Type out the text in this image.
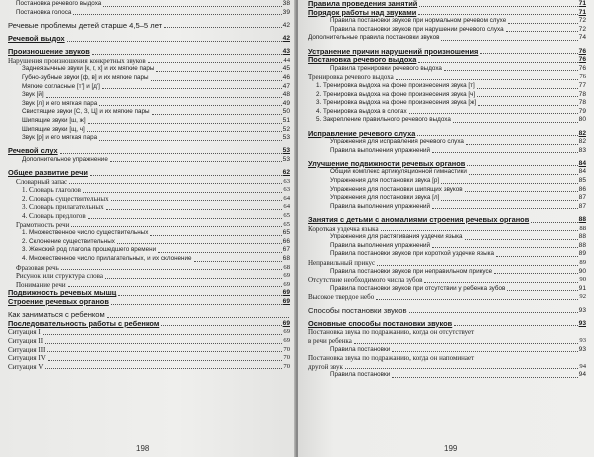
Постановка речевого выдоха	38
Постановка голоса	39
Речевые проблемы детей старше 4,5–5 лет	42
Речевой выдох	42
Произношение звуков	43
Нарушения произношения конкретных звуков	44
Заднеязычные звуки [к, г, х] и их мягкие пары	45
Губно-зубные звуки [ф, в] и их мягкие пары	46
Мягкие согласные [т'] и [д']	47
Звук [й]	48
Звук [л] и его мягкая пара	49
Свистящие звуки [С, З, Ц] и их мягкие пары	50
Шипящие звуки [ш, ж]	51
Шипящие звуки [щ, ч]	52
Звук [р] и его мягкая пара	53
Речевой слух	53
Дополнительное упражнение	53
Общее развитие речи	62
Словарный запас	63
1. Словарь глаголов	63
2. Словарь существительных	64
3. Словарь прилагательных	64
4. Словарь предлогов	65
Грамотность речи	65
1. Множественное число существительных	65
2. Склонение существительных	66
3. Женский род глагола прошедшего времени	67
4. Множественное число прилагательных, и их склонение	68
Фразовая речь	68
Рисунок или структура слова	69
Понимание речи	69
Подвижность речевых мышц	69
Строение речевых органов	69
Как заниматься с ребенком
Последовательность работы с ребенком	69
Ситуация I	69
Ситуация II	69
Ситуация III	70
Ситуация IV	70
Ситуация V	70
198
Правила проведения занятий	71
Порядок работы над звуками	71
Правила постановки звуков при нормальном речевом слухе	72
Правила постановки звуков при нарушении речевого слуха	72
Дополнительные правила постановки звуков	74
Устранение причин нарушений произношения	76
Постановка речевого выдоха	76
Правила тренировки речевого выдоха	76
Тренировка речевого выдоха	76
1. Тренировка выдоха на фоне произнесения звука [т]	77
2. Тренировка выдоха на фоне произнесения звука [ч]	78
3. Тренировка выдоха на фоне произнесения звука [ж]	78
4. Тренировка выдоха в слогах	79
5. Закрепление правильного речевого выдоха	80
Исправление речевого слуха	82
Упражнения для исправления речевого слуха	82
Правила выполнения упражнений	83
Улучшение подвижности речевых органов	84
Общий комплекс артикуляционной гимнастики	84
Упражнения для постановки звука [р]	85
Упражнения для постановки шипящих звуков	86
Упражнения для постановки звука [л]	87
Правила выполнения упражнений	87
Занятия с детьми с аномалиями строения речевых органов	88
Короткая уздечка языка	88
Упражнения для растягивания уздечки языка	88
Правила выполнения упражнений	88
Правила постановки звуков при короткой уздечке языка	89
Неправильный прикус	89
Правила постановки звуков при неправильном прикусе	90
Отсутствие необходимого числа зубов	90
Правила постановки звуков при отсутствии у ребенка зубов	91
Высокое твердое небо	92
Способы постановки звуков	93
Основные способы постановки звуков	93
Постановка звука по подражанию, когда он отсутствует
в речи ребенка	93
Правила постановки	93
Постановка звука по подражанию, когда он напоминает
другой звук	94
Правила постановки	94
199
